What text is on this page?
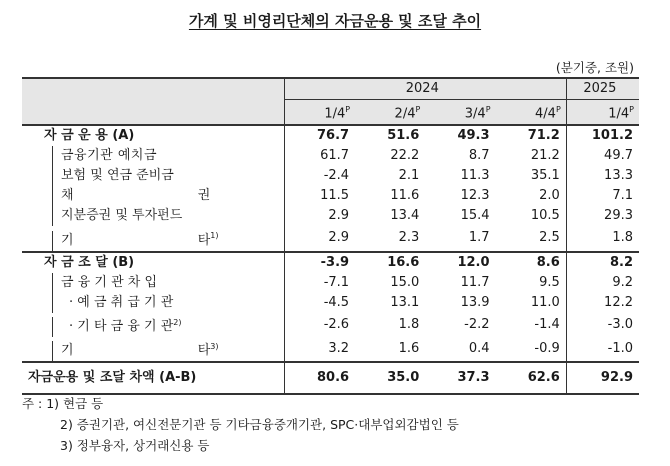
가계 및 비영리단체의 자금운용 및 조달 추이
(분기중, 조원)
	2024				2025
	$1/4^P$	$2/4^P$	$3/4^P$	$4/4^P$	$1/4^P$
자 금 운 용 (A)	76.7	51.6	49.3	71.2	101.2
금융기관 예치금	61.7	22.2	8.7	21.2	49.7
보험 및 연금 준비금	-2.4	2.1	11.3	35.1	13.3
채 권	11.5	11.6	12.3	2.0	7.1
지분증권 및 투자펀드	2.9	13.4	15.4	10.5	29.3
기 타$^{1)}$	2.9	2.3	1.7	2.5	1.8
자 금 조 달 (B)	-3.9	16.6	12.0	8.6	8.2
금 융 기 관 차 입	-7.1	15.0	11.7	9.5	9.2
· 예 금 취 급 기 관	-4.5	13.1	13.9	11.0	12.2
· 기 타 금 융 기 관$^{2)}$	-2.6	1.8	-2.2	-1.4	-3.0
기 타$^{3)}$	3.2	1.6	0.4	-0.9	-1.0
자금운용 및 조달 차액 (A-B)	80.6	35.0	37.3	62.6	92.9
주 : 1) 현금 등
2) 증권기관, 여신전문기관 등 기타금융중개기관, SPC·대부업외감법인 등
3) 정부융자, 상거래신용 등
